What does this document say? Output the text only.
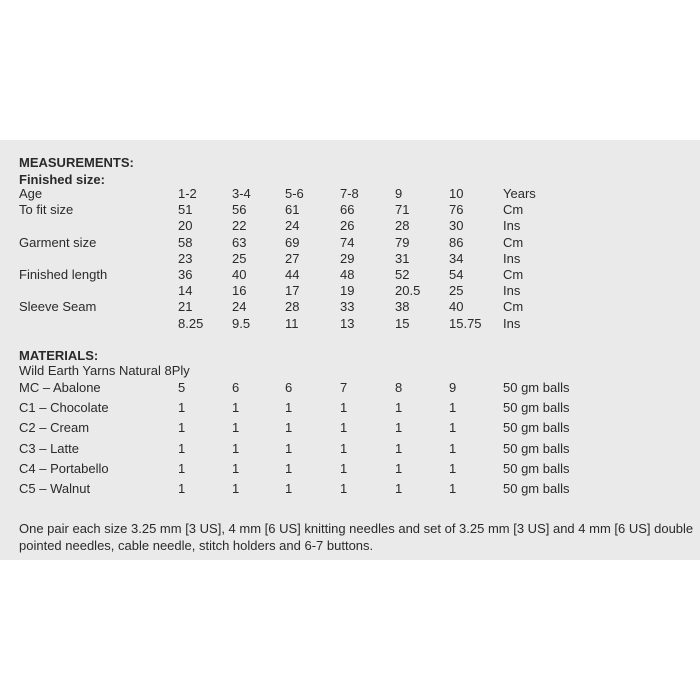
MEASUREMENTS:
Finished size:
Age	1-2	3-4	5-6	7-8	9	10	Years
To fit size	51	56	61	66	71	76	Cm
20	22	24	26	28	30	Ins
Garment size	58	63	69	74	79	86	Cm
23	25	27	29	31	34	Ins
Finished length	36	40	44	48	52	54	Cm
14	16	17	19	20.5 25	Ins
Sleeve Seam	21	24	28	33	38	40	Cm
8.25 9.5	11	13	15	15.75 Ins
MATERIALS:
Wild Earth Yarns Natural 8Ply
MC – Abalone	5	6	6	7	8	9	50 gm balls
C1 – Chocolate	1	1	1	1	1	1	50 gm balls
C2 – Cream	1	1	1	1	1	1	50 gm balls
C3 – Latte	1	1	1	1	1	1	50 gm balls
C4 – Portabello	1	1	1	1	1	1	50 gm balls
C5 – Walnut	1	1	1	1	1	1	50 gm balls
One pair each size 3.25 mm [3 US], 4 mm [6 US] knitting needles and set of 3.25 mm [3 US] and 4 mm [6 US] double pointed needles, cable needle, stitch holders and 6-7 buttons.
